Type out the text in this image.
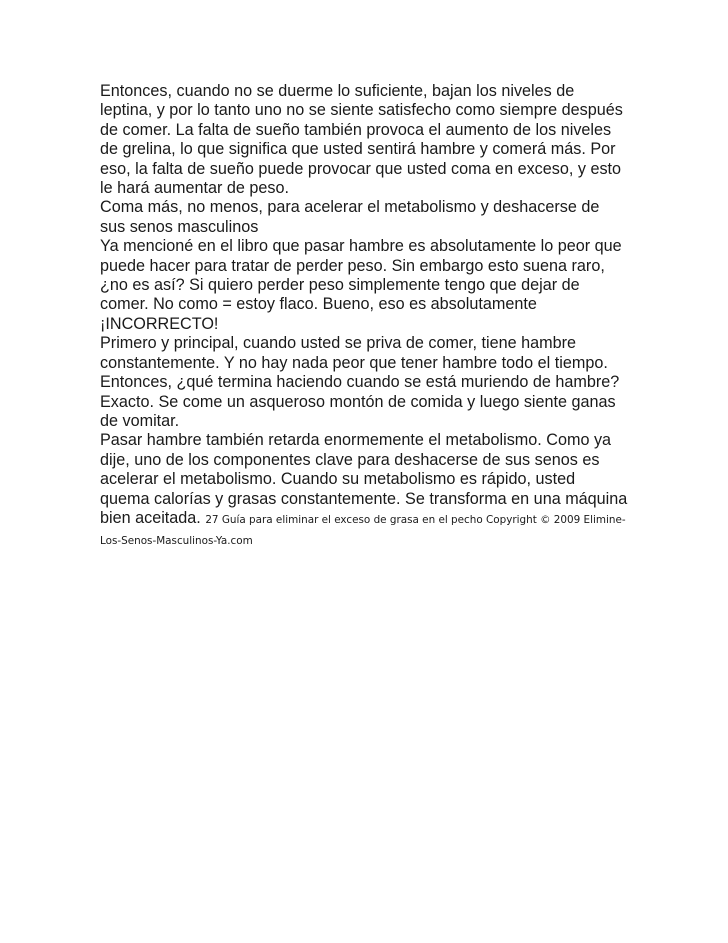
Entonces, cuando no se duerme lo suficiente, bajan los niveles de leptina, y por lo tanto uno no se siente satisfecho como siempre después de comer. La falta de sueño también provoca el aumento de los niveles de grelina, lo que significa que usted sentirá hambre y comerá más. Por eso, la falta de sueño puede provocar que usted coma en exceso, y esto le hará aumentar de peso.

Coma más, no menos, para acelerar el metabolismo y deshacerse de sus senos masculinos

Ya mencioné en el libro que pasar hambre es absolutamente lo peor que puede hacer para tratar de perder peso. Sin embargo esto suena raro, ¿no es así? Si quiero perder peso simplemente tengo que dejar de comer. No como = estoy flaco. Bueno, eso es absolutamente ¡INCORRECTO!

Primero y principal, cuando usted se priva de comer, tiene hambre constantemente. Y no hay nada peor que tener hambre todo el tiempo. Entonces, ¿qué termina haciendo cuando se está muriendo de hambre? Exacto. Se come un asqueroso montón de comida y luego siente ganas de vomitar.

Pasar hambre también retarda enormemente el metabolismo. Como ya dije, uno de los componentes clave para deshacerse de sus senos es acelerar el metabolismo. Cuando su metabolismo es rápido, usted quema calorías y grasas constantemente. Se transforma en una máquina bien aceitada. 27 Guía para eliminar el exceso de grasa en el pecho Copyright © 2009 Elimine-Los-Senos-Masculinos-Ya.com
